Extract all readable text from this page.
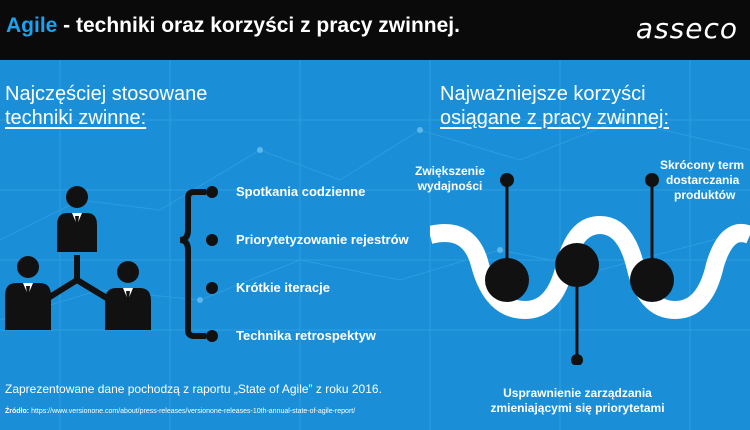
Agile - techniki oraz korzyści z pracy zwinnej.	asseco
Najczęściej stosowane
techniki zwinne:
Najważniejsze korzyści
osiągane z pracy zwinnej:
Spotkania codzienne
Priorytetyzowanie rejestrów
Krótkie iteracje
Technika retrospektyw
Zwiększenie
wydajności
Skrócony term
dostarczania
produktów
Usprawnienie zarządzania
zmieniającymi się priorytetami
Zaprezentowane dane pochodzą z raportu „State of Agile” z roku 2016.
Źródło: https://www.versionone.com/about/press-releases/versionone-releases-10th-annual-state-of-agile-report/
